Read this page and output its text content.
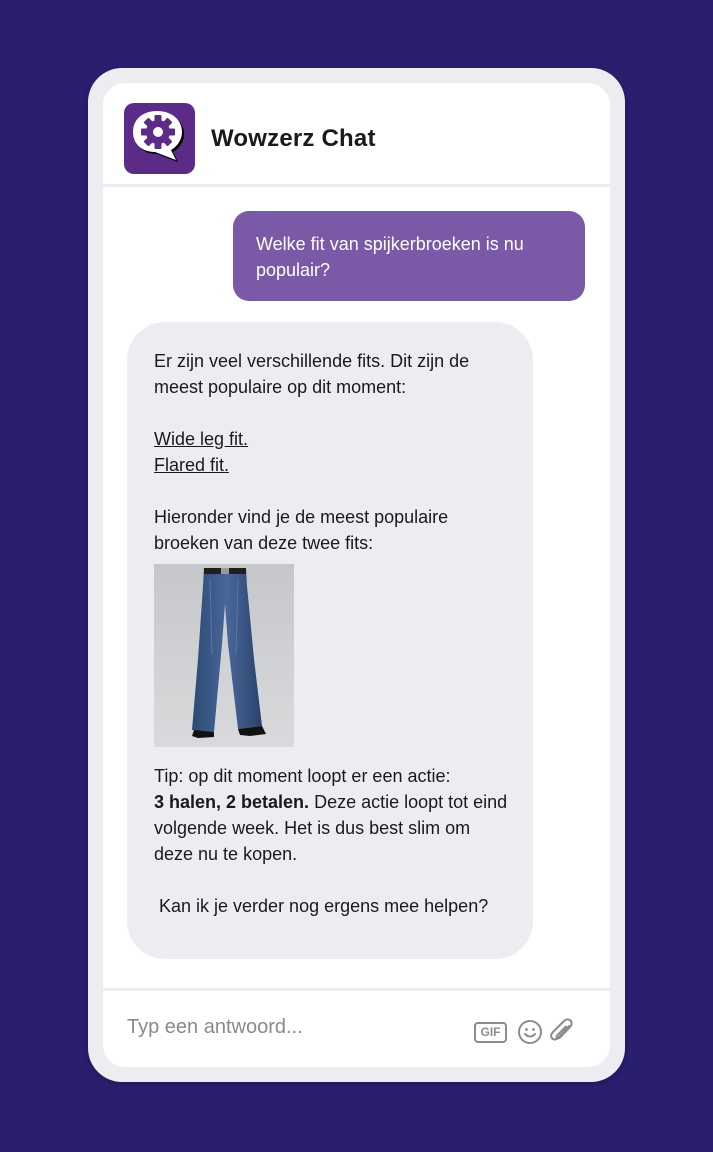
Wowzerz Chat
Welke fit van spijkerbroeken is nu populair?

Er zijn veel verschillende fits. Dit zijn de meest populaire op dit moment:

Wide leg fit.
Flared fit.

Hieronder vind je de meest populaire broeken van deze twee fits:

Tip: op dit moment loopt er een actie:

3 halen, 2 betalen. Deze actie loopt tot eind volgende week. Het is dus best slim om deze nu te kopen.

Kan ik je verder nog ergens mee helpen?

Typ een antwoord...
GIF
